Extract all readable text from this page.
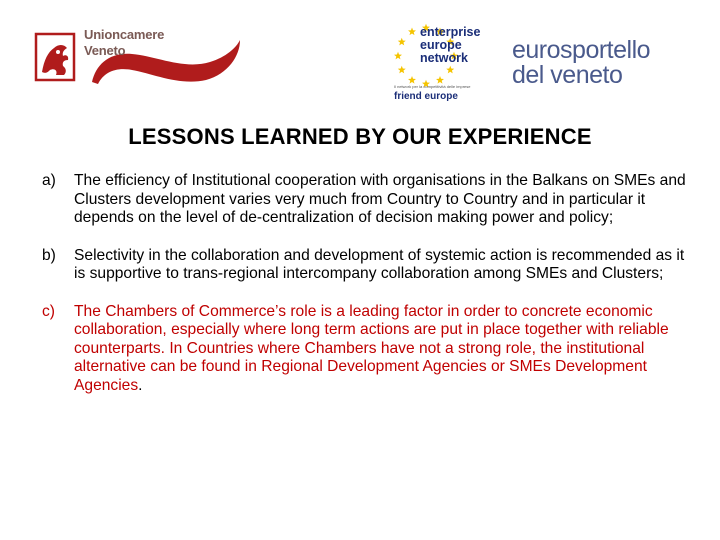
Unioncamere
Veneto
enterprise
europe
network
Il network per la competitività delle imprese
friend europe
eurosportello
del veneto
LESSONS LEARNED BY OUR EXPERIENCE
a) The efficiency of Institutional cooperation with organisations in the Balkans on SMEs and Clusters development varies very much from Country to Country and in particular it depends on the level of de-centralization of decision making power and policy;
b) Selectivity in the collaboration and development of systemic action is recommended as it is supportive to trans-regional intercompany collaboration among SMEs and Clusters;
c) The Chambers of Commerce’s role is a leading factor in order to concrete economic collaboration, especially where long term actions are put in place together with reliable counterparts. In Countries where Chambers have not a strong role, the institutional alternative can be found in Regional Development Agencies or SMEs Development Agencies.
